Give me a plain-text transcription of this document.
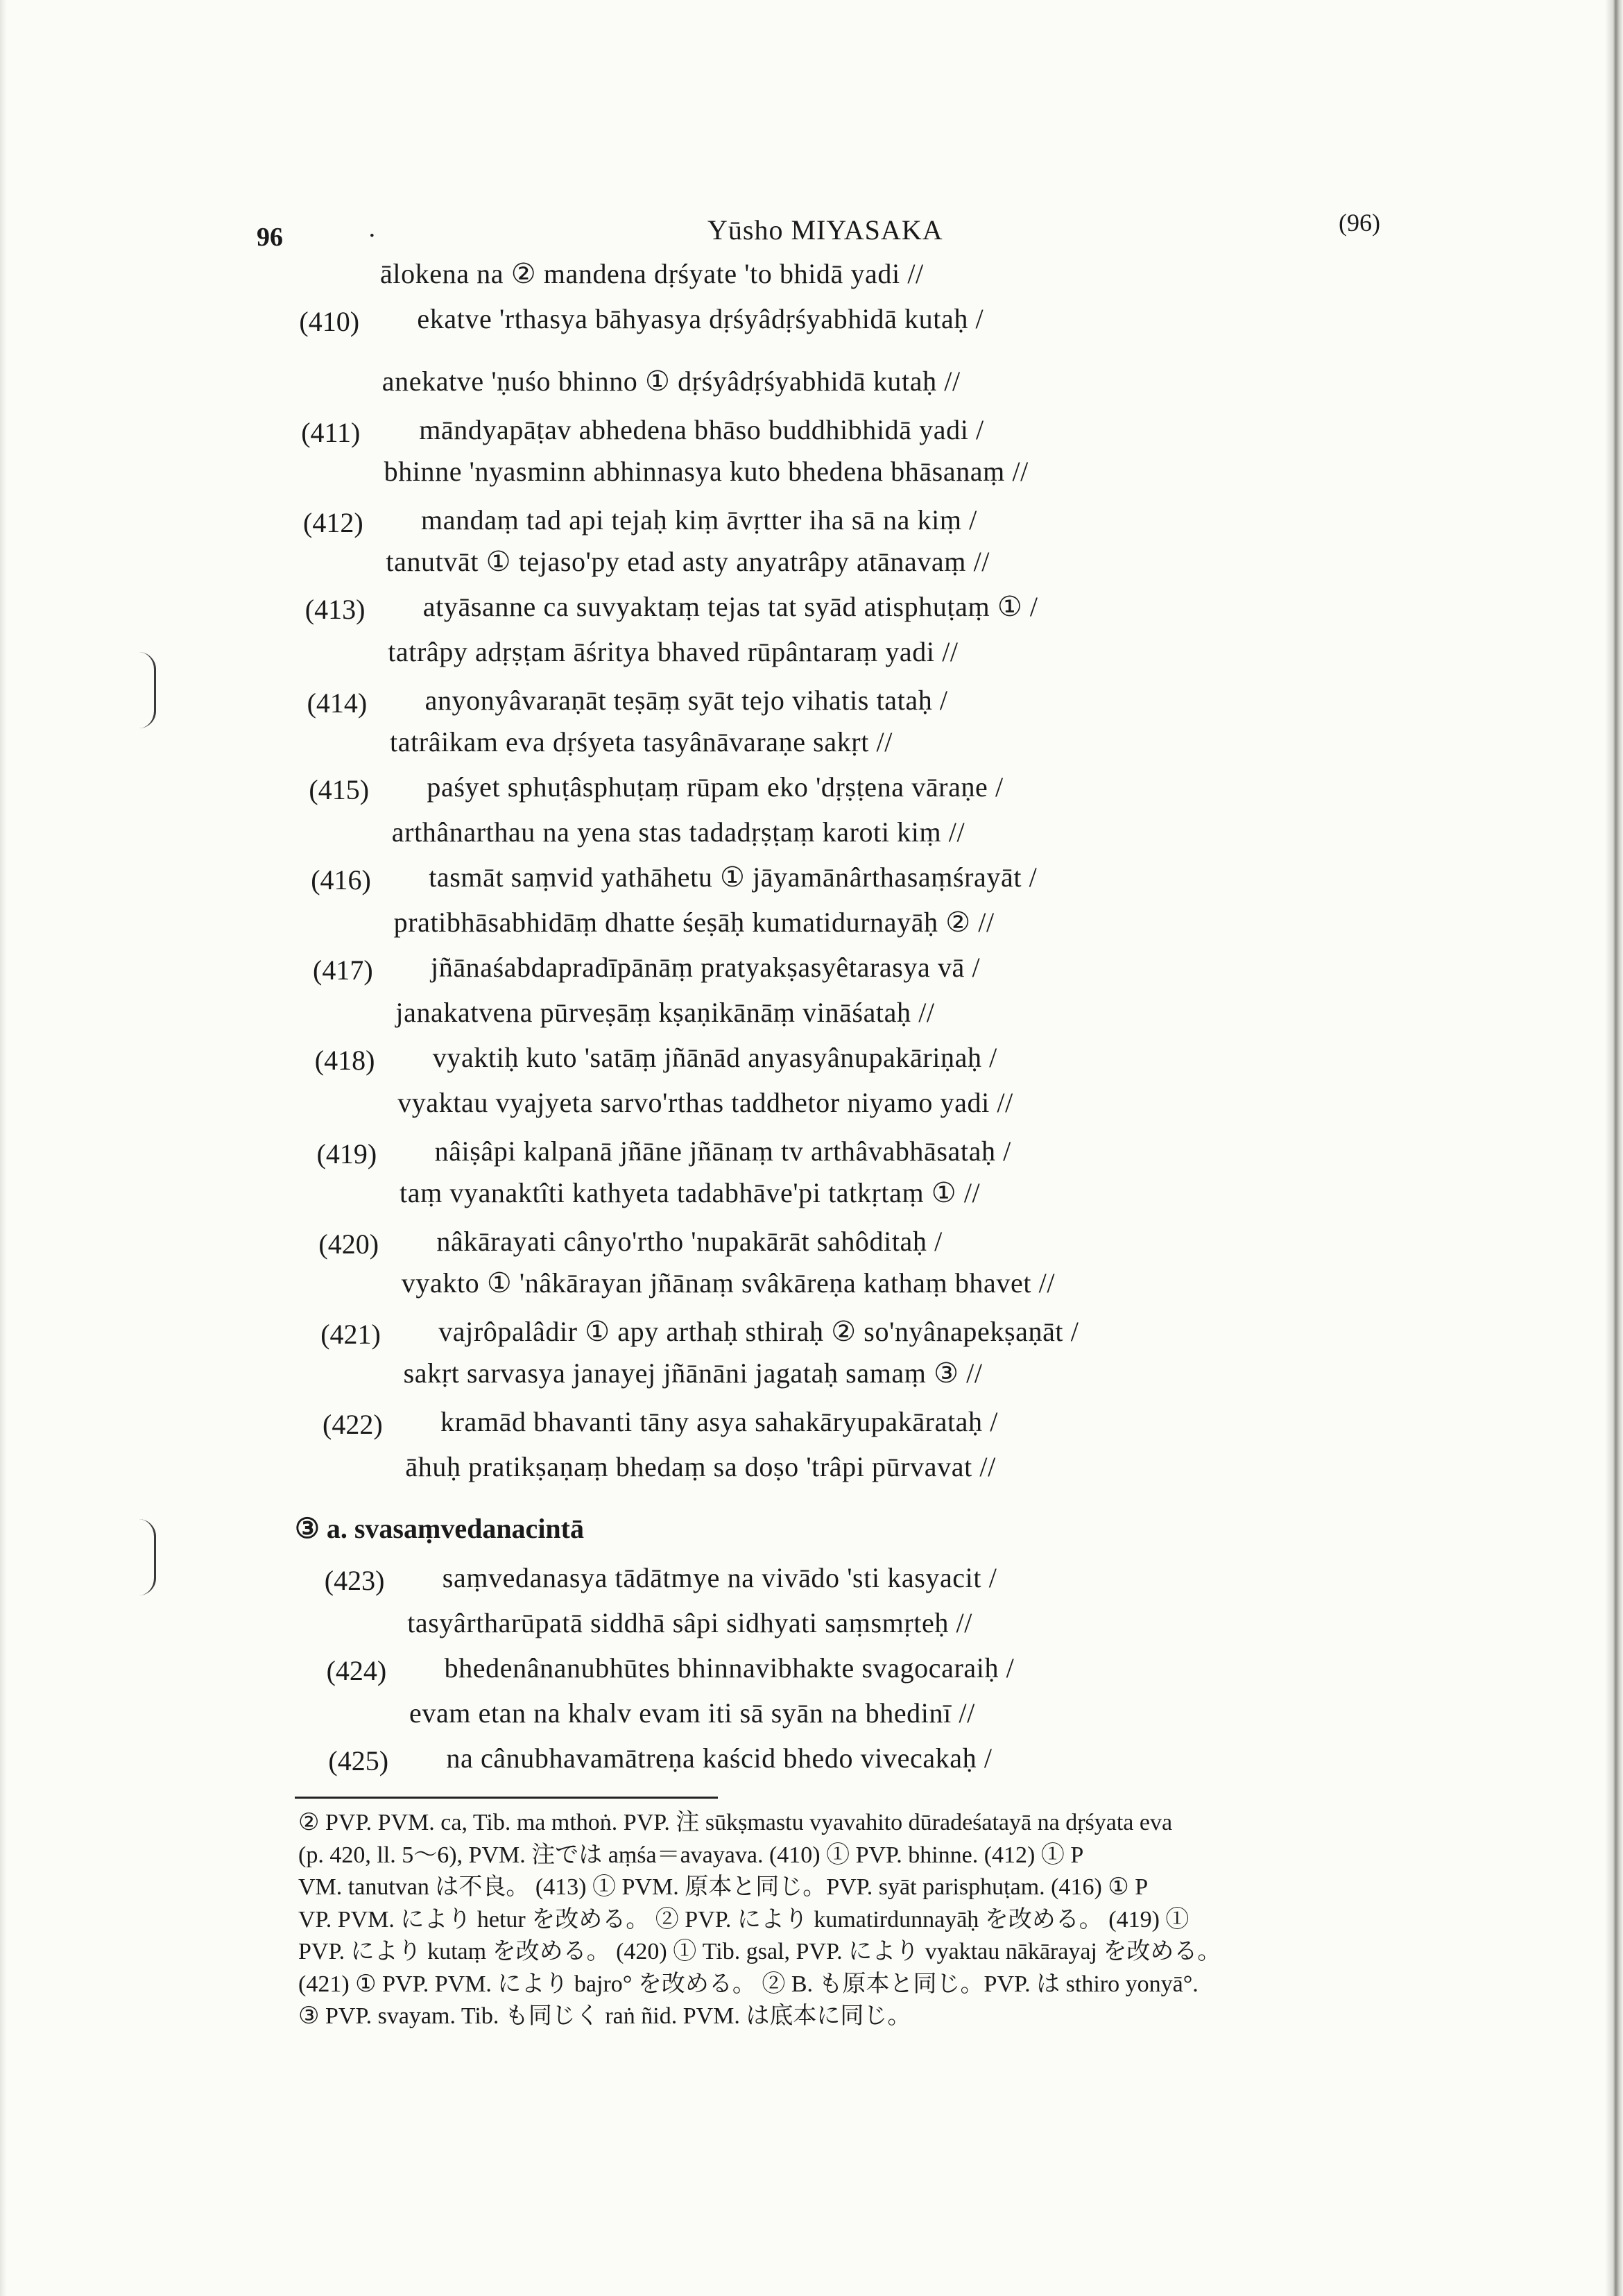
96	·	Yūsho MIYASAKA	(96)
ālokena na ② mandena dṛśyate 'to bhidā yadi //
(410) ekatve 'rthasya bāhyasya dṛśyâdṛśyabhidā kutaḥ /
anekatve 'ṇuśo bhinno ① dṛśyâdṛśyabhidā kutaḥ //
(411) māndyapāṭav abhedena bhāso buddhibhidā yadi /
bhinne 'nyasminn abhinnasya kuto bhedena bhāsanaṃ //
(412) mandaṃ tad api tejaḥ kiṃ āvṛtter iha sā na kiṃ /
tanutvāt ① tejaso'py etad asty anyatrâpy atānavaṃ //
(413) atyāsanne ca suvyaktaṃ tejas tat syād atisphuṭaṃ ① /
tatrâpy adṛṣṭam āśritya bhaved rūpântaraṃ yadi //
(414) anyonyâvaraṇāt teṣāṃ syāt tejo vihatis tataḥ /
tatrâikam eva dṛśyeta tasyânāvaraṇe sakṛt //
(415) paśyet sphuṭâsphuṭaṃ rūpam eko 'dṛṣṭena vāraṇe /
arthânarthau na yena stas tadadṛṣṭaṃ karoti kiṃ //
(416) tasmāt saṃvid yathāhetu ① jāyamānârthasaṃśrayāt /
pratibhāsabhidāṃ dhatte śeṣāḥ kumatidurnayāḥ ② //
(417) jñānaśabdapradīpānāṃ pratyakṣasyêtarasya vā /
janakatvena pūrveṣāṃ kṣaṇikānāṃ vināśataḥ //
(418) vyaktiḥ kuto 'satāṃ jñānād anyasyânupakāriṇaḥ /
vyaktau vyajyeta sarvo'rthas taddhetor niyamo yadi //
(419) nâiṣâpi kalpanā jñāne jñānaṃ tv arthâvabhāsataḥ /
taṃ vyanaktîti kathyeta tadabhāve'pi tatkṛtaṃ ① //
(420) nâkārayati cânyo'rtho 'nupakārāt sahôditaḥ /
vyakto ① 'nâkārayan jñānaṃ svâkāreṇa kathaṃ bhavet //
(421) vajrôpalâdir ① apy arthaḥ sthiraḥ ② so'nyânapekṣaṇāt /
sakṛt sarvasya janayej jñānāni jagataḥ samaṃ ③ //
(422) kramād bhavanti tāny asya sahakāryupakārataḥ /
āhuḥ pratikṣaṇaṃ bhedaṃ sa doṣo 'trâpi pūrvavat //
(423) saṃvedanasya tādātmye na vivādo 'sti kasyacit /
tasyârtharūpatā siddhā sâpi sidhyati saṃsmṛteḥ //
(424) bhedenânanubhūtes bhinnavibhakte svagocaraiḥ /
evam etan na khalv evam iti sā syān na bhedinī //
(425) na cânubhavamātreṇa kaścid bhedo vivecakaḥ /
③ a. svasaṃvedanacintā
② PVP. PVM. ca, Tib. ma mthoṅ. PVP. 注 sūkṣmastu vyavahito dūradeśatayā na dṛśyata eva
(p. 420, ll. 5～6), PVM. 注では aṃśa＝avayava. (410) ① PVP. bhinne. (412) ① P
VM. tanutvan は不良。 (413) ① PVM. 原本と同じ。PVP. syāt parisphuṭam. (416) ① P
VP. PVM. により hetur を改める。 ② PVP. により kumatirdunnayāḥ を改める。 (419) ①
PVP. により kutaṃ を改める。 (420) ① Tib. gsal, PVP. により vyaktau nākārayaj を改める。
(421) ① PVP. PVM. により bajro° を改める。 ② B. も原本と同じ。PVP. は sthiro yonyā°.
③ PVP. svayam. Tib. も同じく raṅ ñid. PVM. は底本に同じ。
